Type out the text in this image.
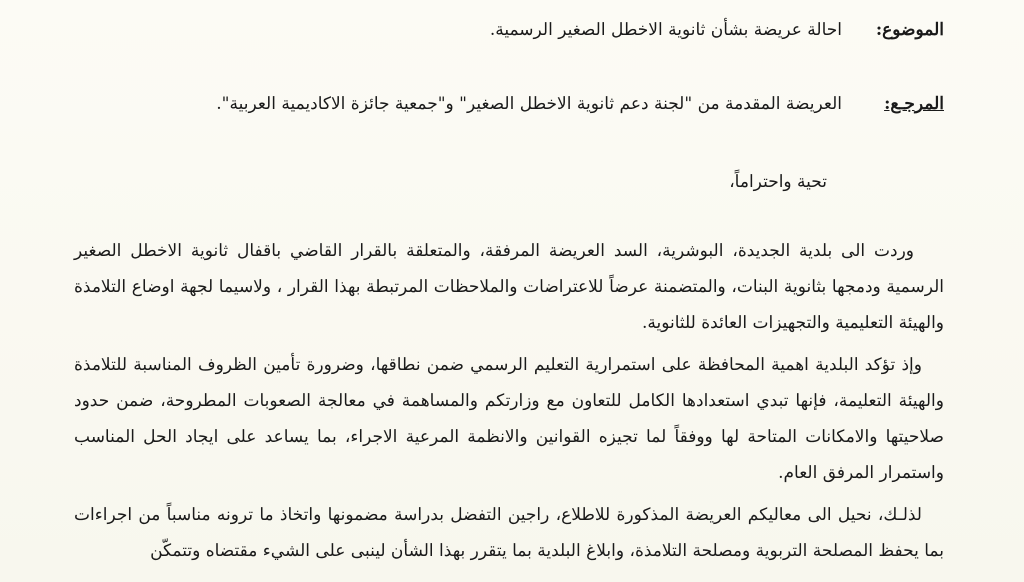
الموضوع:
احالة عريضة بشأن ثانوية الاخطل الصغير الرسمية.
المرجـع:
العريضة المقدمة من "لجنة دعم ثانوية الاخطل الصغير" و"جمعية جائزة الاكاديمية العربية".
تحية واحتراماً،

وردت الى بلدية الجديدة، البوشرية، السد العريضة المرفقة، والمتعلقة بالقرار القاضي باقفال ثانوية الاخطل الصغير الرسمية ودمجها بثانوية البنات، والمتضمنة عرضاً للاعتراضات والملاحظات المرتبطة بهذا القرار ، ولاسيما لجهة اوضاع التلامذة والهيئة التعليمية والتجهيزات العائدة للثانوية.

وإذ تؤكد البلدية اهمية المحافظة على استمرارية التعليم الرسمي ضمن نطاقها، وضرورة تأمين الظروف المناسبة للتلامذة والهيئة التعليمة، فإنها تبدي استعدادها الكامل للتعاون مع وزارتكم والمساهمة في معالجة الصعوبات المطروحة، ضمن حدود صلاحيتها والامكانات المتاحة لها ووفقاً لما تجيزه القوانين والانظمة المرعية الاجراء، بما يساعد على ايجاد الحل المناسب واستمرار المرفق العام.

لذلـك، نحيل الى معاليكم العريضة المذكورة للاطلاع، راجين التفضل بدراسة مضمونها واتخاذ ما ترونه مناسباً من اجراءات بما يحفظ المصلحة التربوية ومصلحة التلامذة، وابلاغ البلدية بما يتقرر بهذا الشأن لينبى على الشيء مقتضاه وتتمكّن
